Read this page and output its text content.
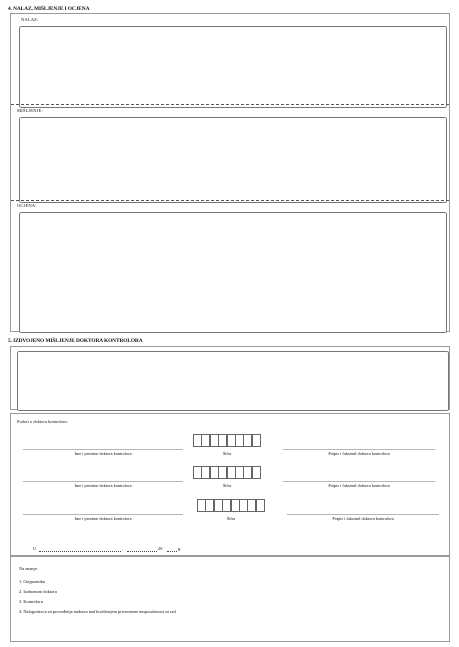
4. NALAZ, MIŠLJENJE I OCJENA
NALAZ:
MIŠLJENJE:
OCJENA:
5. IZDVOJENO MIŠLJENJE DOKTORA KONTROLORA
Podaci o doktoru kontroloru:
Ime i prezime doktora kontrolora	Šifra	Potpis i faksimil doktora kontrolora
Ime i prezime doktora kontrolora	Šifra	Potpis i faksimil doktora kontrolora
Ime i prezime doktora kontrolora	Šifra	Potpis i faksimil doktora kontrolora
U	,	20	g.
Na znanje:
1. Osiguraniku
2. Izabranom doktoru
3. Kontroloru
4. Nalogodavcu za provođenje nadzora nad korištenjem privremene nesposobnosti za rad
